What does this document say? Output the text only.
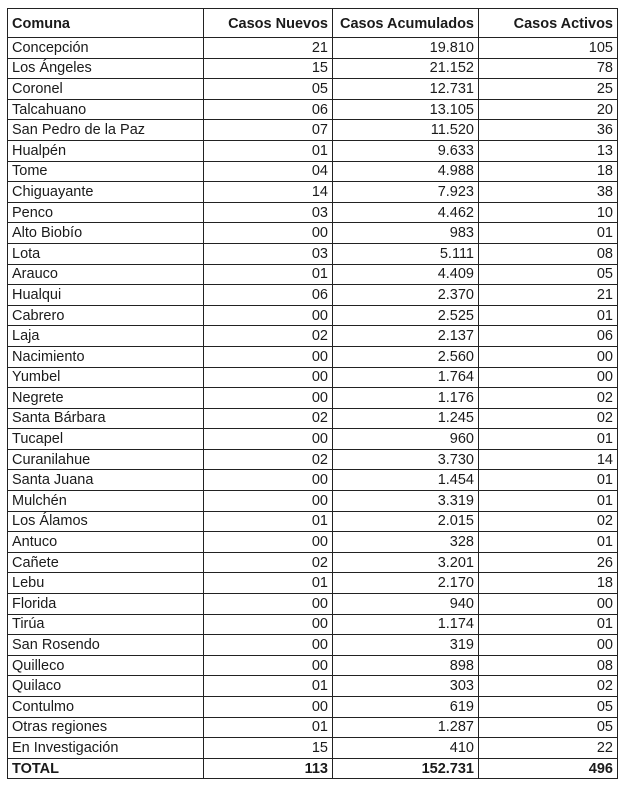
Comuna	Casos Nuevos	Casos Acumulados	Casos Activos
Concepción	21	19.810	105
Los Ángeles	15	21.152	78
Coronel	05	12.731	25
Talcahuano	06	13.105	20
San Pedro de la Paz	07	11.520	36
Hualpén	01	9.633	13
Tome	04	4.988	18
Chiguayante	14	7.923	38
Penco	03	4.462	10
Alto Biobío	00	983	01
Lota	03	5.111	08
Arauco	01	4.409	05
Hualqui	06	2.370	21
Cabrero	00	2.525	01
Laja	02	2.137	06
Nacimiento	00	2.560	00
Yumbel	00	1.764	00
Negrete	00	1.176	02
Santa Bárbara	02	1.245	02
Tucapel	00	960	01
Curanilahue	02	3.730	14
Santa Juana	00	1.454	01
Mulchén	00	3.319	01
Los Álamos	01	2.015	02
Antuco	00	328	01
Cañete	02	3.201	26
Lebu	01	2.170	18
Florida	00	940	00
Tirúa	00	1.174	01
San Rosendo	00	319	00
Quilleco	00	898	08
Quilaco	01	303	02
Contulmo	00	619	05
Otras regiones	01	1.287	05
En Investigación	15	410	22
TOTAL	113	152.731	496
